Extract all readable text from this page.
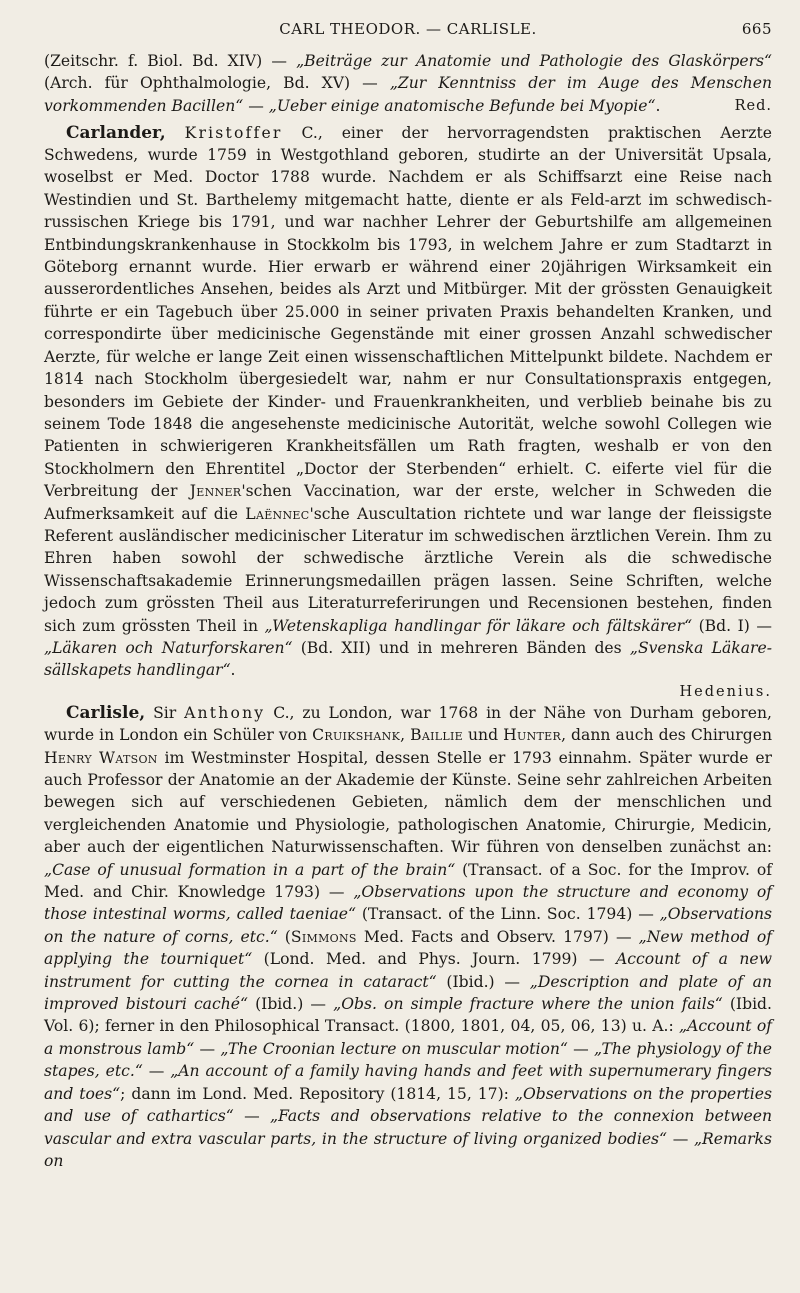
CARL THEODOR. — CARLISLE.	665

(Zeitschr. f. Biol. Bd. XIV) — „Beiträge zur Anatomie und Pathologie des Glaskörpers“ (Arch. für Ophthalmologie, Bd. XV) — „Zur Kenntniss der im Auge des Menschen vorkommenden Bacillen“ — „Ueber einige anatomische Befunde bei Myopie“.	Red.

Carlander, Kristoffer C., einer der hervorragendsten praktischen Aerzte Schwedens, wurde 1759 in Westgothland geboren, studirte an der Universität Upsala, woselbst er Med. Doctor 1788 wurde. Nachdem er als Schiffsarzt eine Reise nach Westindien und St. Barthelemy mitgemacht hatte, diente er als Feld-arzt im schwedisch-russischen Kriege bis 1791, und war nachher Lehrer der Geburtshilfe am allgemeinen Entbindungskrankenhause in Stockkolm bis 1793, in welchem Jahre er zum Stadtarzt in Göteborg ernannt wurde. Hier erwarb er während einer 20jährigen Wirksamkeit ein ausserordentliches Ansehen, beides als Arzt und Mitbürger. Mit der grössten Genauigkeit führte er ein Tagebuch über 25.000 in seiner privaten Praxis behandelten Kranken, und correspondirte über medicinische Gegenstände mit einer grossen Anzahl schwedischer Aerzte, für welche er lange Zeit einen wissenschaftlichen Mittelpunkt bildete. Nachdem er 1814 nach Stockholm übergesiedelt war, nahm er nur Consultationspraxis entgegen, besonders im Gebiete der Kinder- und Frauenkrankheiten, und verblieb beinahe bis zu seinem Tode 1848 die angesehenste medicinische Autorität, welche sowohl Collegen wie Patienten in schwierigeren Krankheitsfällen um Rath fragten, weshalb er von den Stockholmern den Ehrentitel „Doctor der Sterbenden“ erhielt. C. eiferte viel für die Verbreitung der Jenner'schen Vaccination, war der erste, welcher in Schweden die Aufmerksamkeit auf die Laënnec'sche Auscultation richtete und war lange der fleissigste Referent ausländischer medicinischer Literatur im schwedischen ärztlichen Verein. Ihm zu Ehren haben sowohl der schwedische ärztliche Verein als die schwedische Wissenschaftsakademie Erinnerungsmedaillen prägen lassen. Seine Schriften, welche jedoch zum grössten Theil aus Literaturreferirungen und Recensionen bestehen, finden sich zum grössten Theil in „Wetenskapliga handlingar för läkare och fältskärer“ (Bd. I) — „Läkaren och Naturforskaren“ (Bd. XII) und in mehreren Bänden des „Svenska Läkare-sällskapets handlingar“.

Hedenius.

Carlisle, Sir Anthony C., zu London, war 1768 in der Nähe von Durham geboren, wurde in London ein Schüler von Cruikshank, Baillie und Hunter, dann auch des Chirurgen Henry Watson im Westminster Hospital, dessen Stelle er 1793 einnahm. Später wurde er auch Professor der Anatomie an der Akademie der Künste. Seine sehr zahlreichen Arbeiten bewegen sich auf verschiedenen Gebieten, nämlich dem der menschlichen und vergleichenden Anatomie und Physiologie, pathologischen Anatomie, Chirurgie, Medicin, aber auch der eigentlichen Naturwissenschaften. Wir führen von denselben zunächst an: „Case of unusual formation in a part of the brain“ (Transact. of a Soc. for the Improv. of Med. and Chir. Knowledge 1793) — „Observations upon the structure and economy of those intestinal worms, called taeniae“ (Transact. of the Linn. Soc. 1794) — „Observations on the nature of corns, etc.“ (Simmons Med. Facts and Observ. 1797) — „New method of applying the tourniquet“ (Lond. Med. and Phys. Journ. 1799) — Account of a new instrument for cutting the cornea in cataract“ (Ibid.) — „Description and plate of an improved bistouri caché“ (Ibid.) — „Obs. on simple fracture where the union fails“ (Ibid. Vol. 6); ferner in den Philosophical Transact. (1800, 1801, 04, 05, 06, 13) u. A.: „Account of a monstrous lamb“ — „The Croonian lecture on muscular motion“ — „The physiology of the stapes, etc.“ — „An account of a family having hands and feet with supernumerary fingers and toes“; dann im Lond. Med. Repository (1814, 15, 17): „Observations on the properties and use of cathartics“ — „Facts and observations relative to the connexion between vascular and extra vascular parts, in the structure of living organized bodies“ — „Remarks on
